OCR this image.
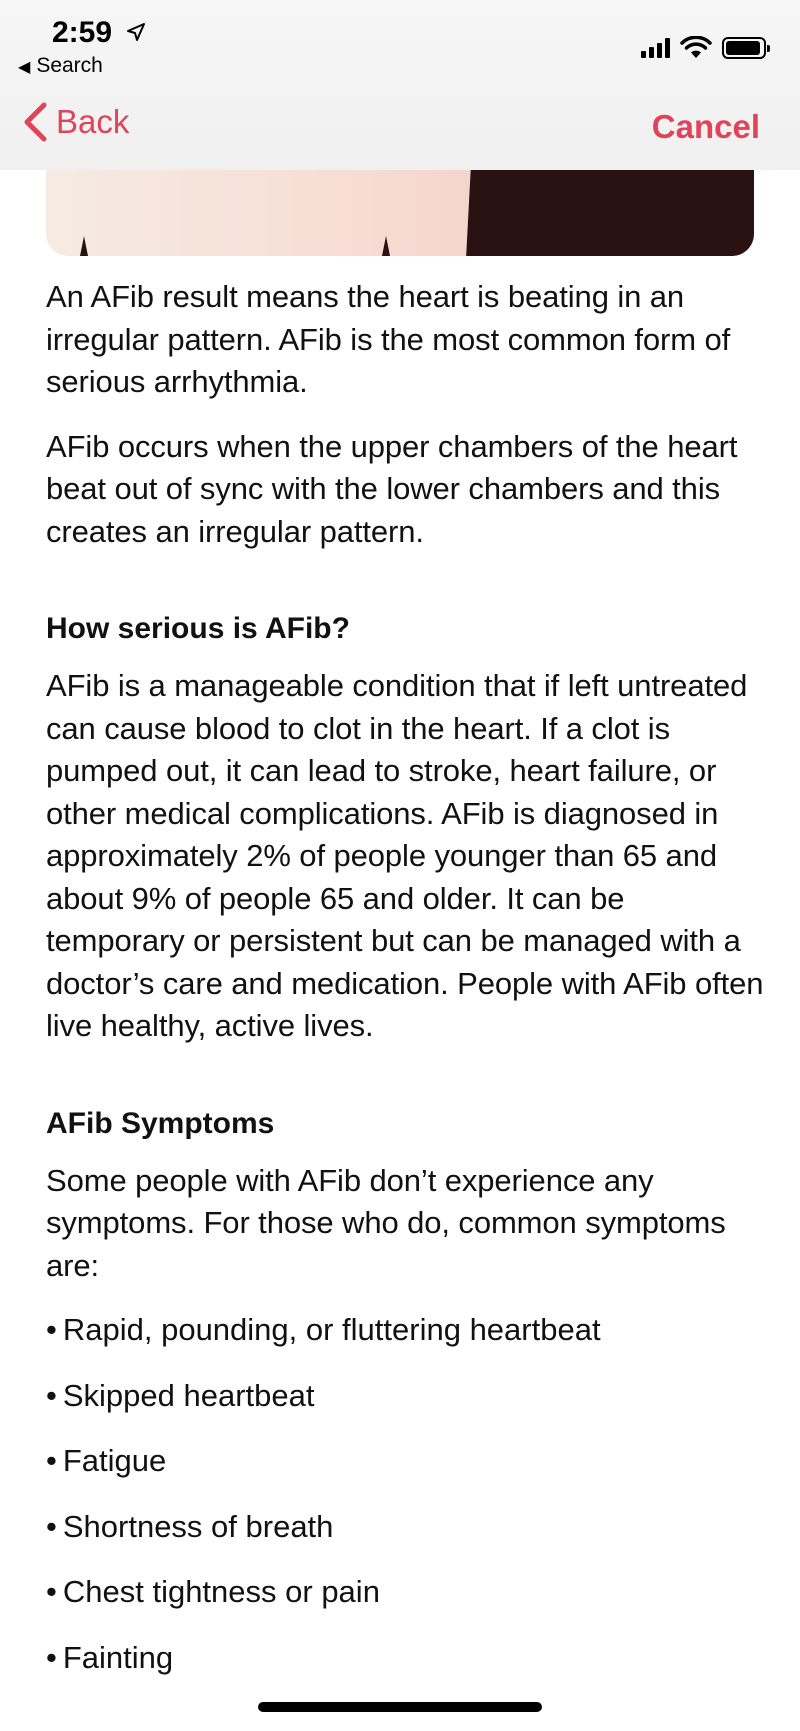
2:59
◀ Search
Back	Cancel

An AFib result means the heart is beating in an irregular pattern. AFib is the most common form of serious arrhythmia.

AFib occurs when the upper chambers of the heart beat out of sync with the lower chambers and this creates an irregular pattern.

How serious is AFib?

AFib is a manageable condition that if left untreated can cause blood to clot in the heart. If a clot is pumped out, it can lead to stroke, heart failure, or other medical complications. AFib is diagnosed in approximately 2% of people younger than 65 and about 9% of people 65 and older. It can be temporary or persistent but can be managed with a doctor’s care and medication. People with AFib often live healthy, active lives.

AFib Symptoms

Some people with AFib don’t experience any symptoms. For those who do, common symptoms are:

• Rapid, pounding, or fluttering heartbeat
• Skipped heartbeat
• Fatigue
• Shortness of breath
• Chest tightness or pain
• Fainting
